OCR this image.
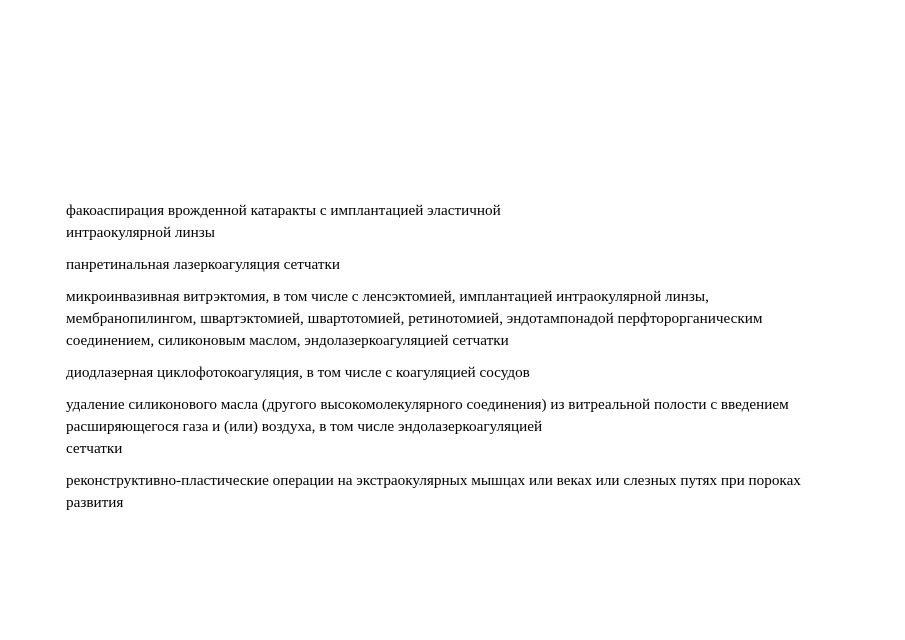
факоаспирация врожденной катаракты с имплантацией эластичной
интраокулярной линзы

панретинальная лазеркоагуляция сетчатки

микроинвазивная витрэктомия, в том числе с ленсэктомией, имплантацией интраокулярной линзы,
мембранопилингом, швартэктомией, швартотомией, ретинотомией, эндотампонадой перфторорганическим
соединением, силиконовым маслом, эндолазеркоагуляцией сетчатки

диодлазерная циклофотокоагуляция, в том числе с коагуляцией сосудов

удаление силиконового масла (другого высокомолекулярного соединения) из витреальной полости с введением
расширяющегося газа и (или) воздуха, в том числе эндолазеркоагуляцией
сетчатки

реконструктивно-пластические операции на экстраокулярных мышцах или веках или слезных путях при пороках
развития
